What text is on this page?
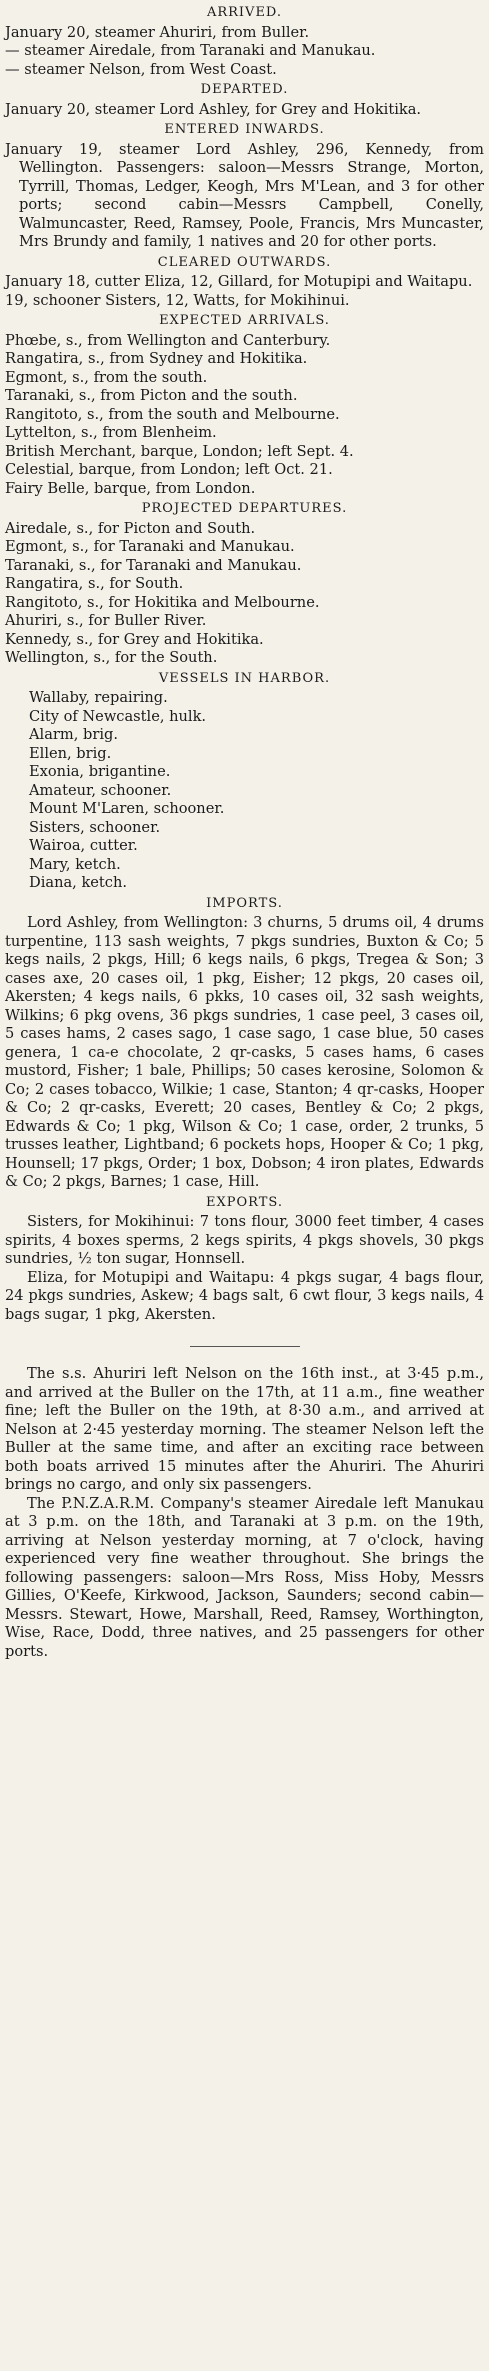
ARRIVED.

January 20, steamer Ahuriri, from Buller.

— steamer Airedale, from Taranaki and Manukau.

— steamer Nelson, from West Coast.

DEPARTED.

January 20, steamer Lord Ashley, for Grey and Hokitika.

ENTERED INWARDS.

January 19, steamer Lord Ashley, 296, Kennedy, from Wellington. Passengers: saloon—Messrs Strange, Morton, Tyrrill, Thomas, Ledger, Keogh, Mrs M'Lean, and 3 for other ports; second cabin—Messrs Campbell, Conelly, Walmuncaster, Reed, Ramsey, Poole, Francis, Mrs Muncaster, Mrs Brundy and family, 1 natives and 20 for other ports.

CLEARED OUTWARDS.

January 18, cutter Eliza, 12, Gillard, for Motupipi and Waitapu.

19, schooner Sisters, 12, Watts, for Mokihinui.

EXPECTED ARRIVALS.

Phœbe, s., from Wellington and Canterbury.

Rangatira, s., from Sydney and Hokitika.

Egmont, s., from the south.

Taranaki, s., from Picton and the south.

Rangitoto, s., from the south and Melbourne.

Lyttelton, s., from Blenheim.

British Merchant, barque, London; left Sept. 4.

Celestial, barque, from London; left Oct. 21.

Fairy Belle, barque, from London.

PROJECTED DEPARTURES.

Airedale, s., for Picton and South.

Egmont, s., for Taranaki and Manukau.

Taranaki, s., for Taranaki and Manukau.

Rangatira, s., for South.

Rangitoto, s., for Hokitika and Melbourne.

Ahuriri, s., for Buller River.

Kennedy, s., for Grey and Hokitika.

Wellington, s., for the South.

VESSELS IN HARBOR.

Wallaby, repairing.

City of Newcastle, hulk.

Alarm, brig.

Ellen, brig.

Exonia, brigantine.

Amateur, schooner.

Mount M'Laren, schooner.

Sisters, schooner.

Wairoa, cutter.

Mary, ketch.

Diana, ketch.

IMPORTS.

Lord Ashley, from Wellington: 3 churns, 5 drums oil, 4 drums turpentine, 113 sash weights, 7 pkgs sundries, Buxton & Co; 5 kegs nails, 2 pkgs, Hill; 6 kegs nails, 6 pkgs, Tregea & Son; 3 cases axe, 20 cases oil, 1 pkg, Eisher; 12 pkgs, 20 cases oil, Akersten; 4 kegs nails, 6 pkks, 10 cases oil, 32 sash weights, Wilkins; 6 pkg ovens, 36 pkgs sundries, 1 case peel, 3 cases oil, 5 cases hams, 2 cases sago, 1 case sago, 1 case blue, 50 cases genera, 1 ca-e chocolate, 2 qr-casks, 5 cases hams, 6 cases mustord, Fisher; 1 bale, Phillips; 50 cases kerosine, Solomon & Co; 2 cases tobacco, Wilkie; 1 case, Stanton; 4 qr-casks, Hooper & Co; 2 qr-casks, Everett; 20 cases, Bentley & Co; 2 pkgs, Edwards & Co; 1 pkg, Wilson & Co; 1 case, order, 2 trunks, 5 trusses leather, Lightband; 6 pockets hops, Hooper & Co; 1 pkg, Hounsell; 17 pkgs, Order; 1 box, Dobson; 4 iron plates, Edwards & Co; 2 pkgs, Barnes; 1 case, Hill.

EXPORTS.

Sisters, for Mokihinui: 7 tons flour, 3000 feet timber, 4 cases spirits, 4 boxes sperms, 2 kegs spirits, 4 pkgs shovels, 30 pkgs sundries, ½ ton sugar, Honnsell.

Eliza, for Motupipi and Waitapu: 4 pkgs sugar, 4 bags flour, 24 pkgs sundries, Askew; 4 bags salt, 6 cwt flour, 3 kegs nails, 4 bags sugar, 1 pkg, Akersten.

The s.s. Ahuriri left Nelson on the 16th inst., at 3·45 p.m., and arrived at the Buller on the 17th, at 11 a.m., fine weather fine; left the Buller on the 19th, at 8·30 a.m., and arrived at Nelson at 2·45 yesterday morning. The steamer Nelson left the Buller at the same time, and after an exciting race between both boats arrived 15 minutes after the Ahuriri. The Ahuriri brings no cargo, and only six passengers.

The P.N.Z.A.R.M. Company's steamer Airedale left Manukau at 3 p.m. on the 18th, and Taranaki at 3 p.m. on the 19th, arriving at Nelson yesterday morning, at 7 o'clock, having experienced very fine weather throughout. She brings the following passengers: saloon—Mrs Ross, Miss Hoby, Messrs Gillies, O'Keefe, Kirkwood, Jackson, Saunders; second cabin—Messrs. Stewart, Howe, Marshall, Reed, Ramsey, Worthington, Wise, Race, Dodd, three natives, and 25 passengers for other ports.
